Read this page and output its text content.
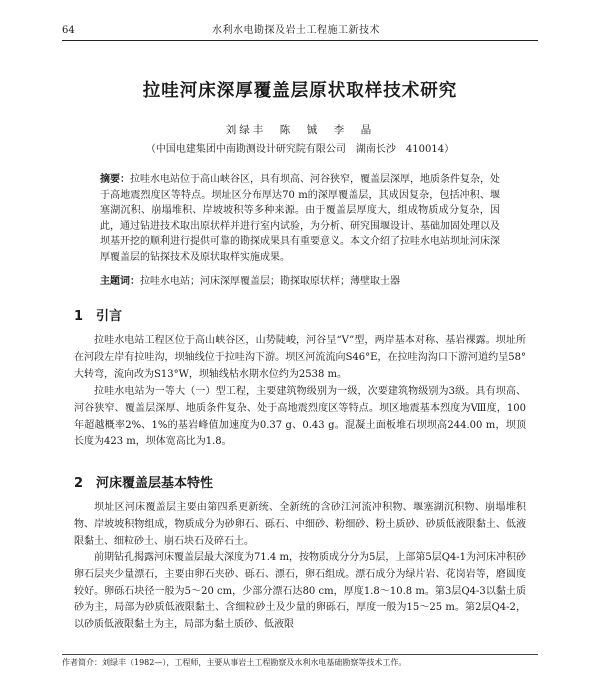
64	水利水电勘探及岩土工程施工新技术
拉哇河床深厚覆盖层原状取样技术研究
刘绿丰　陈　铖　李　晶
（中国电建集团中南勘测设计研究院有限公司　湖南长沙　410014）
摘要：拉哇水电站位于高山峡谷区，具有坝高、河谷狭窄，覆盖层深厚，地质条件复杂，处于高地震烈度区等特点。坝址区分布厚达70 m的深厚覆盖层，其成因复杂，包括冲积、堰塞湖沉积、崩塌堆积、岸坡坡积等多种来源。由于覆盖层厚度大，组成物质成分复杂，因此，通过钻进技术取出原状样并进行室内试验，为分析、研究围堰设计、基础加固处理以及坝基开挖的顺利进行提供可靠的勘探成果具有重要意义。本文介绍了拉哇水电站坝址河床深厚覆盖层的钻探技术及原状取样实施成果。
主题词：拉哇水电站；河床深厚覆盖层；勘探取原状样；薄壁取土器
1 引言

拉哇水电站工程区位于高山峡谷区，山势陡峻，河谷呈“V”型，两岸基本对称、基岩裸露。坝址所在河段左岸有拉哇沟，坝轴线位于拉哇沟下游。坝区河流流向S46°E，在拉哇沟沟口下游河道约呈58°大转弯，流向改为S13°W，坝轴线枯水期水位约为2538 m。

拉哇水电站为一等大（一）型工程，主要建筑物级别为一级，次要建筑物级别为3级。具有坝高、河谷狭窄、覆盖层深厚、地质条件复杂、处于高地震烈度区等特点。坝区地震基本烈度为Ⅷ度，100年超越概率2%、1%的基岩峰值加速度为0.37 g、0.43 g。混凝土面板堆石坝坝高244.00 m，坝顶长度为423 m，坝体宽高比为1.8。

2 河床覆盖层基本特性

坝址区河床覆盖层主要由第四系更新统、全新统的含砂江河流冲积物、堰塞湖沉积物、崩塌堆积物、岸坡坡积物组成，物质成分为砂卵石、砾石、中细砂、粉细砂、粉土质砂、砂质低液限黏土、低液限黏土、细粒砂土、崩石块石及碎石土。

前期钻孔揭露河床覆盖层最大深度为71.4 m，按物质成分分为5层，上部第5层Q4-1为河床冲积砂卵石层夹少量漂石，主要由卵石夹砂、砾石、漂石，卵石组成。漂石成分为绿片岩、花岗岩等，磨圆度较好。卵砾石块径一般为5～20 cm，少部分漂石达80 cm，厚度1.8～10.8 m。第3层Q4-3以黏土质砂为主，局部为砂质低液限黏土、含细粒砂土及少量的卵砾石，厚度一般为15～25 m。第2层Q4-2，以砂质低液限黏土为主，局部为黏土质砂、低液限

作者简介：刘绿丰（1982—），工程师，主要从事岩土工程勘察及水利水电基础勘察等技术工作。
